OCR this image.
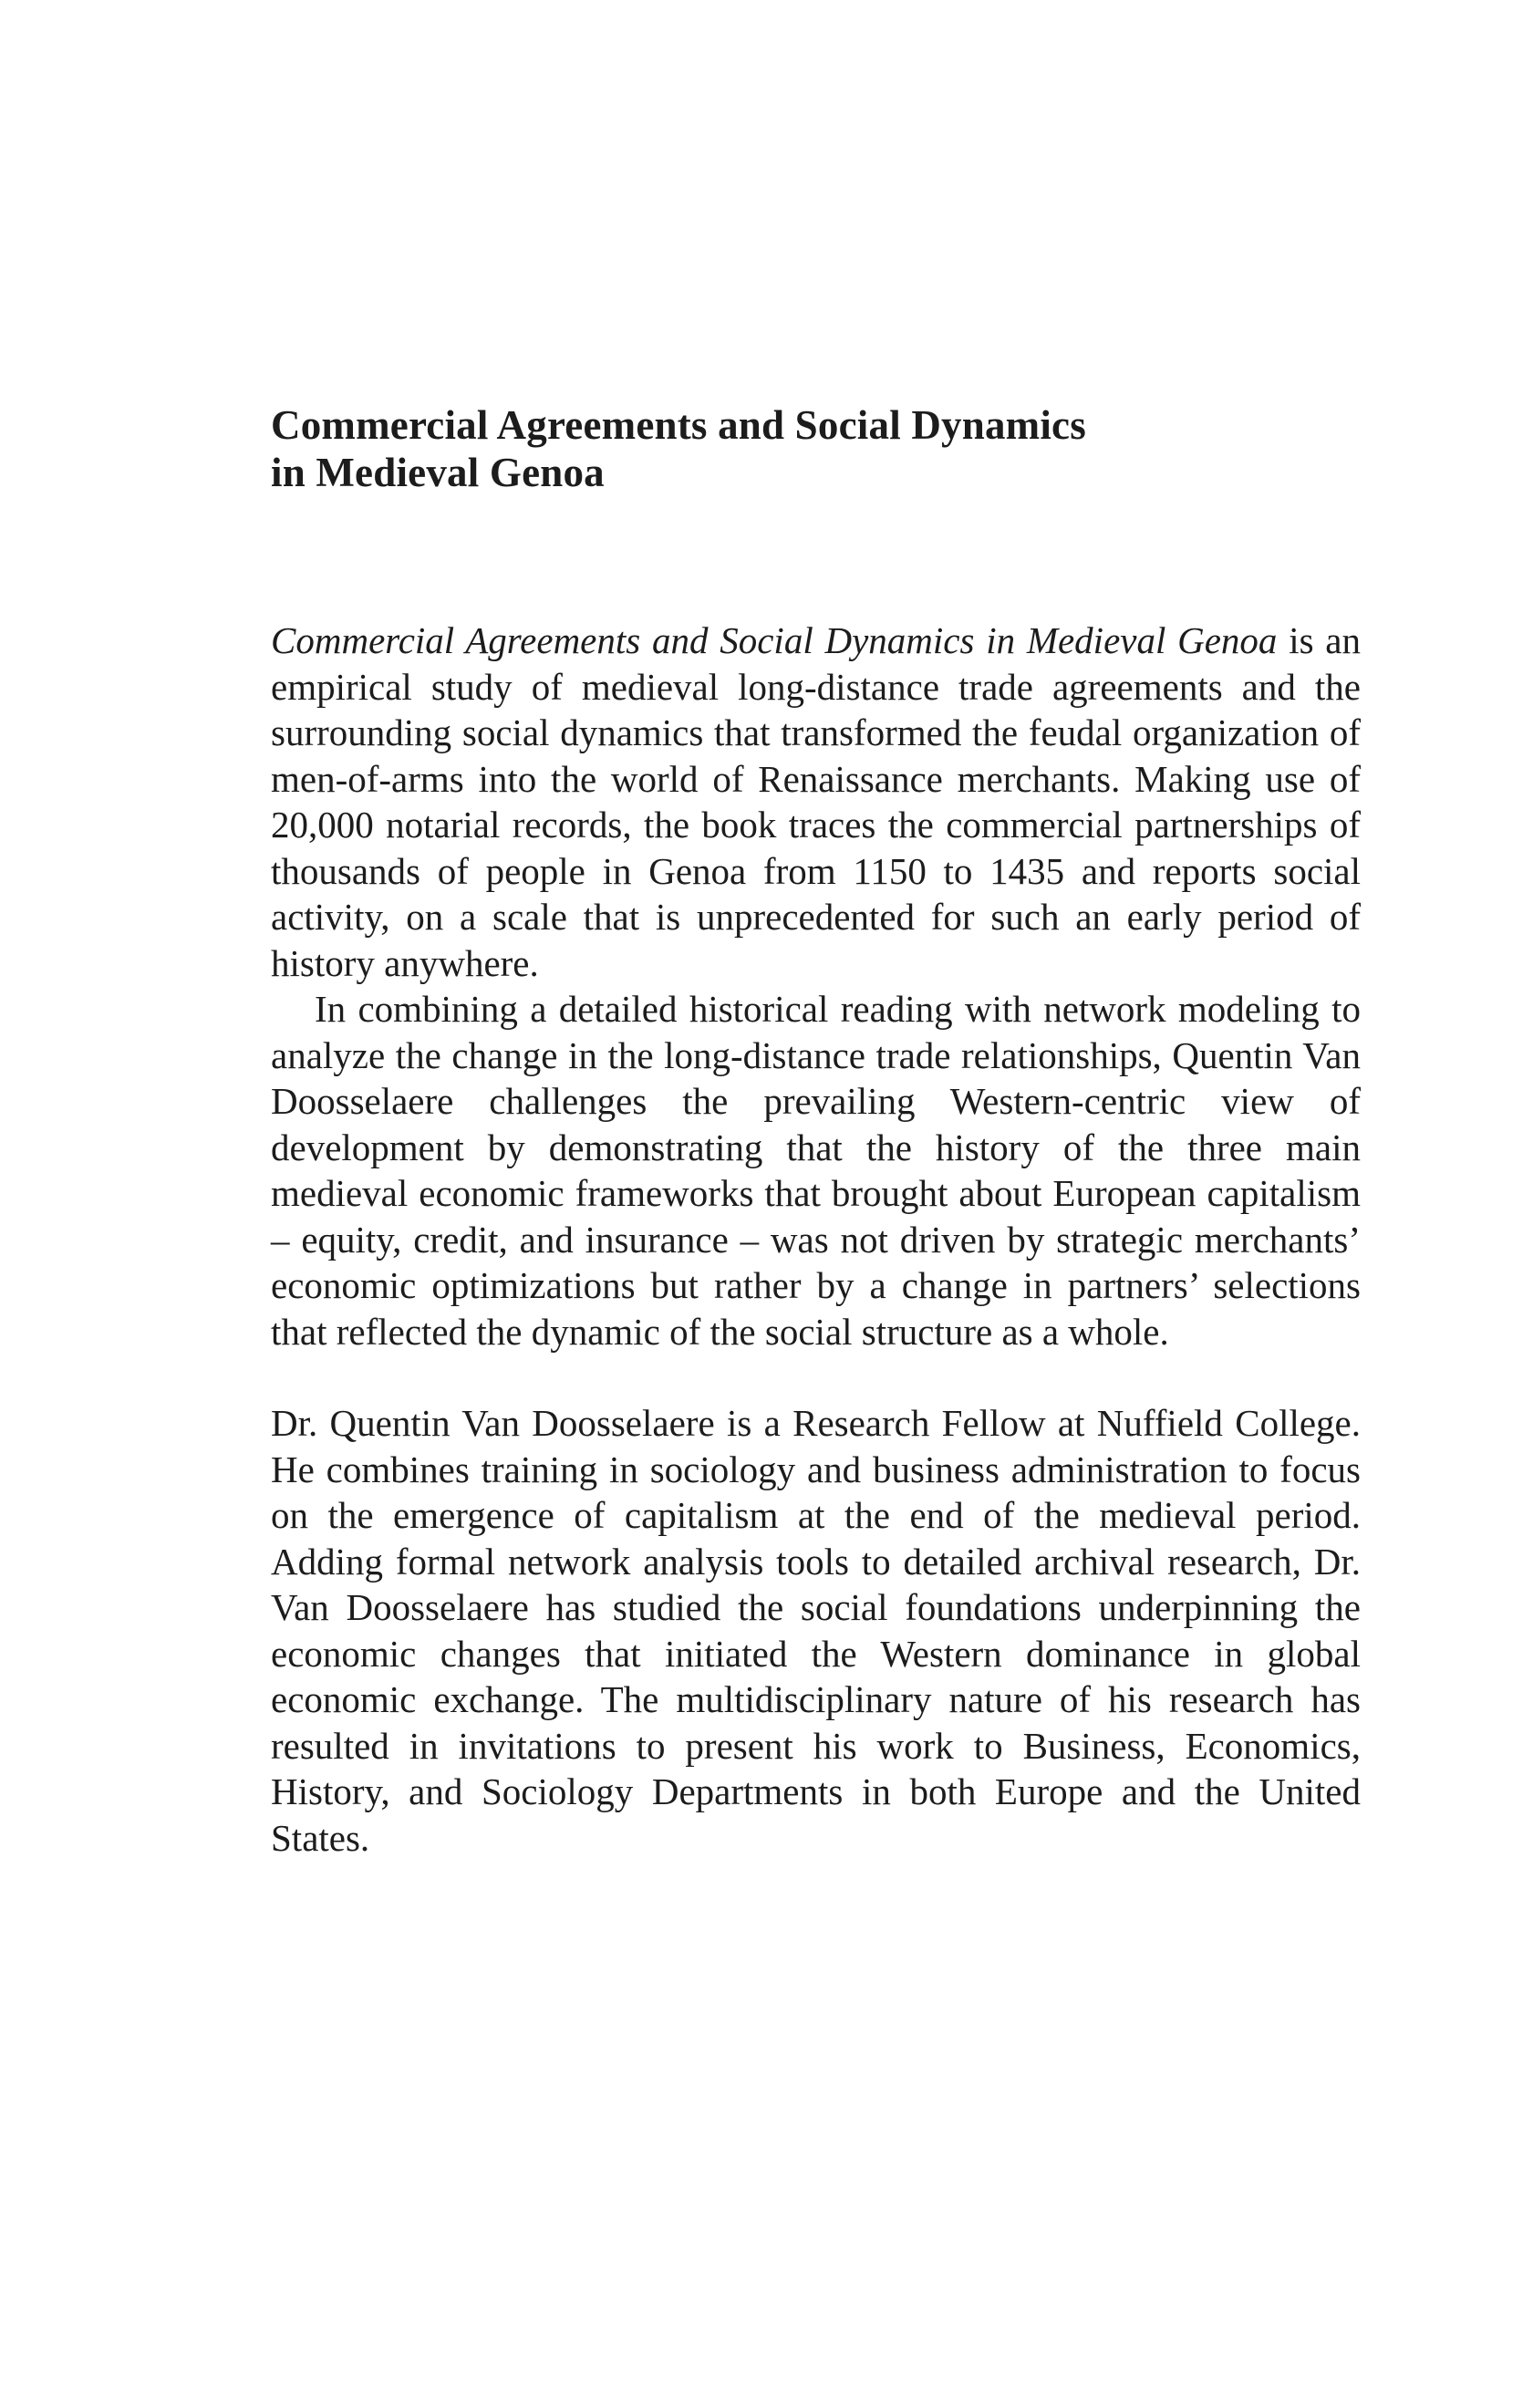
Commercial Agreements and Social Dynamics
in Medieval Genoa

Commercial Agreements and Social Dynamics in Medieval Genoa is an empirical study of medieval long-distance trade agreements and the surrounding social dynamics that transformed the feudal organization of men-of-arms into the world of Renaissance merchants. Making use of 20,000 notarial records, the book traces the commercial partnerships of thousands of people in Genoa from 1150 to 1435 and reports social activity, on a scale that is unprecedented for such an early period of history anywhere.

In combining a detailed historical reading with network modeling to analyze the change in the long-distance trade relationships, Quentin Van Doosselaere challenges the prevailing Western-centric view of development by demonstrating that the history of the three main medieval economic frameworks that brought about European capitalism – equity, credit, and insurance – was not driven by strategic merchants’ economic optimizations but rather by a change in partners’ selections that reflected the dynamic of the social structure as a whole.

Dr. Quentin Van Doosselaere is a Research Fellow at Nuffield College. He combines training in sociology and business administration to focus on the emergence of capitalism at the end of the medieval period. Adding formal network analysis tools to detailed archival research, Dr. Van Doosselaere has studied the social foundations underpinning the economic changes that initiated the Western dominance in global economic exchange. The multidisciplinary nature of his research has resulted in invitations to present his work to Business, Economics, History, and Sociology Departments in both Europe and the United States.
